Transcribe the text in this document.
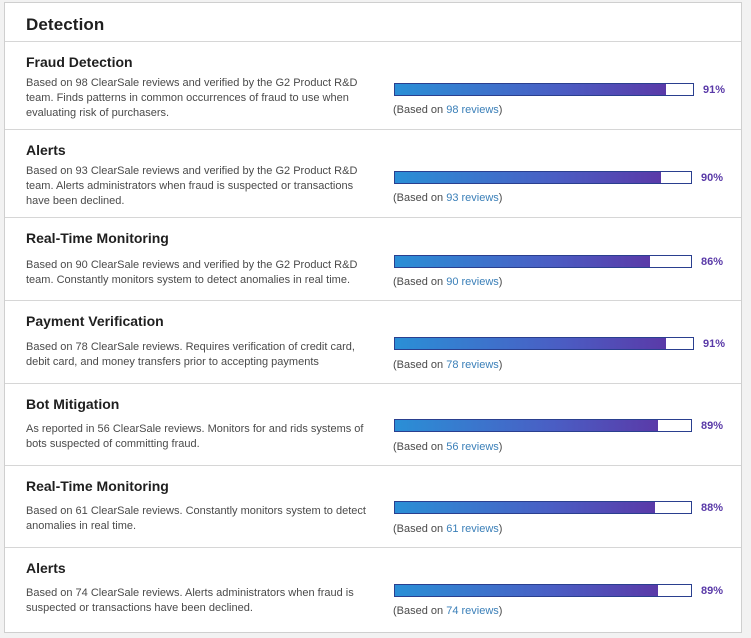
Detection
Fraud Detection
Based on 98 ClearSale reviews and verified by the G2 Product R&D team. Finds patterns in common occurrences of fraud to use when evaluating risk of purchasers.
91%
(Based on 98 reviews)
Alerts
Based on 93 ClearSale reviews and verified by the G2 Product R&D team. Alerts administrators when fraud is suspected or transactions have been declined.
90%
(Based on 93 reviews)
Real-Time Monitoring
Based on 90 ClearSale reviews and verified by the G2 Product R&D team. Constantly monitors system to detect anomalies in real time.
86%
(Based on 90 reviews)
Payment Verification
Based on 78 ClearSale reviews. Requires verification of credit card, debit card, and money transfers prior to accepting payments
91%
(Based on 78 reviews)
Bot Mitigation
As reported in 56 ClearSale reviews. Monitors for and rids systems of bots suspected of committing fraud.
89%
(Based on 56 reviews)
Real-Time Monitoring
Based on 61 ClearSale reviews. Constantly monitors system to detect anomalies in real time.
88%
(Based on 61 reviews)
Alerts
Based on 74 ClearSale reviews. Alerts administrators when fraud is suspected or transactions have been declined.
89%
(Based on 74 reviews)
